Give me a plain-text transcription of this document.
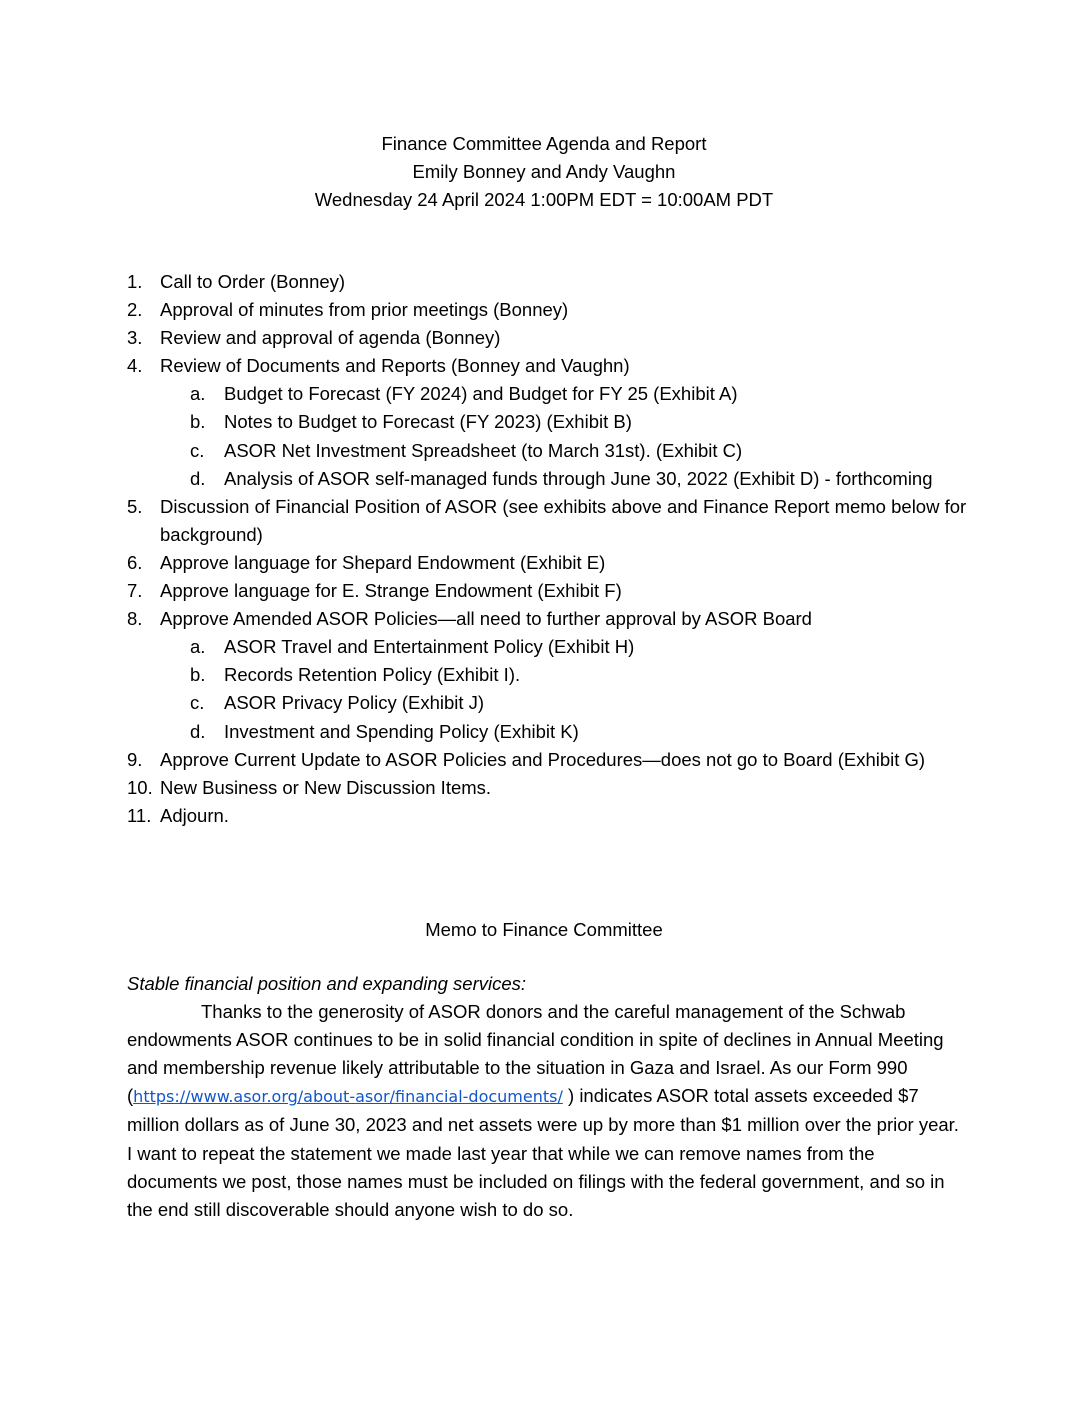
Finance Committee Agenda and Report
Emily Bonney and Andy Vaughn
Wednesday 24 April 2024 1:00PM EDT = 10:00AM PDT
1. Call to Order (Bonney)
2. Approval of minutes from prior meetings (Bonney)
3. Review and approval of agenda (Bonney)
4. Review of Documents and Reports (Bonney and Vaughn)
a.	Budget to Forecast (FY 2024) and Budget for FY 25 (Exhibit A)
b.	Notes to Budget to Forecast (FY 2023) (Exhibit B)
c.	ASOR Net Investment Spreadsheet (to March 31st). (Exhibit C)
d.	Analysis of ASOR self-managed funds through June 30, 2022 (Exhibit D) - forthcoming
5. Discussion of Financial Position of ASOR (see exhibits above and Finance Report memo below for background)
6. Approve language for Shepard Endowment (Exhibit E)
7. Approve language for E. Strange Endowment (Exhibit F)
8. Approve Amended ASOR Policies—all need to further approval by ASOR Board
a.	ASOR Travel and Entertainment Policy (Exhibit H)
b.	Records Retention Policy (Exhibit I).
c.	ASOR Privacy Policy (Exhibit J)
d.	Investment and Spending Policy (Exhibit K)
9. Approve Current Update to ASOR Policies and Procedures—does not go to Board (Exhibit G)
10. New Business or New Discussion Items.
11. Adjourn.
Memo to Finance Committee
Stable financial position and expanding services:
Thanks to the generosity of ASOR donors and the careful management of the Schwab endowments ASOR continues to be in solid financial condition in spite of declines in Annual Meeting and membership revenue likely attributable to the situation in Gaza and Israel. As our Form 990 (https://www.asor.org/about-asor/financial-documents/ ) indicates ASOR total assets exceeded $7 million dollars as of June 30, 2023 and net assets were up by more than $1 million over the prior year. I want to repeat the statement we made last year that while we can remove names from the documents we post, those names must be included on filings with the federal government, and so in the end still discoverable should anyone wish to do so.
